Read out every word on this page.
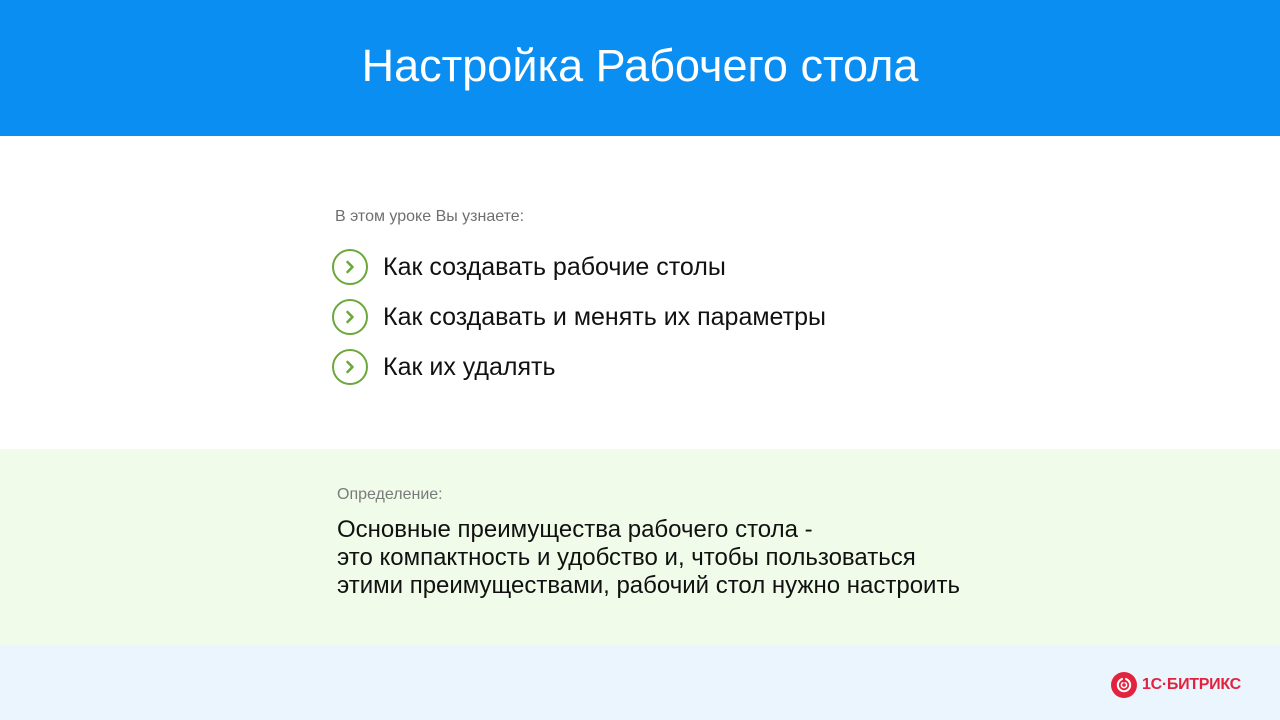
Настройка Рабочего стола
В этом уроке Вы узнаете:
Как создавать рабочие столы
Как создавать и менять их параметры
Как их удалять
Определение:
Основные преимущества рабочего стола -
это компактность и удобство и, чтобы пользоваться
этими преимуществами, рабочий стол нужно настроить
1С·БИТРИКС
